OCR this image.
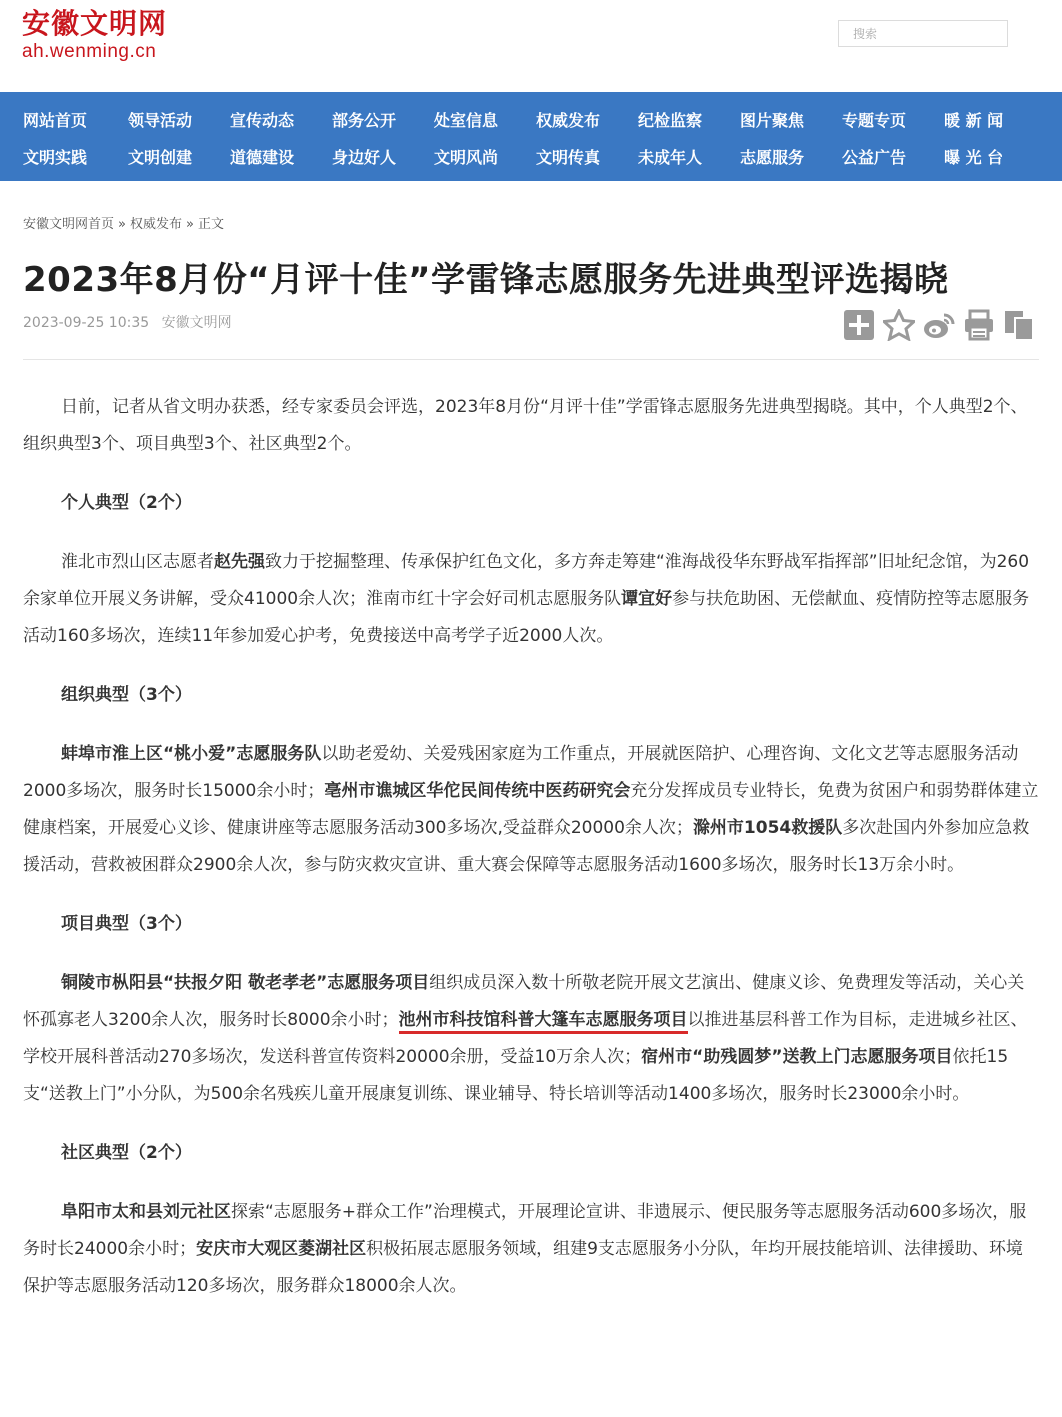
安徽文明网
ah.wenming.cn
搜索
网站首页	领导活动	宣传动态	部务公开	处室信息	权威发布	纪检监察	图片聚焦	专题专页	暖 新 闻
文明实践	文明创建	道德建设	身边好人	文明风尚	文明传真	未成年人	志愿服务	公益广告	曝 光 台
安徽文明网首页 » 权威发布 » 正文
2023年8月份“月评十佳”学雷锋志愿服务先进典型评选揭晓
2023-09-25 10:35 安徽文明网

日前，记者从省文明办获悉，经专家委员会评选，2023年8月份“月评十佳”学雷锋志愿服务先进典型揭晓。其中，个人典型2个、组织典型3个、项目典型3个、社区典型2个。

个人典型（2个）

淮北市烈山区志愿者赵先强致力于挖掘整理、传承保护红色文化，多方奔走筹建“淮海战役华东野战军指挥部”旧址纪念馆，为260余家单位开展义务讲解，受众41000余人次；淮南市红十字会好司机志愿服务队谭宜好参与扶危助困、无偿献血、疫情防控等志愿服务活动160多场次，连续11年参加爱心护考，免费接送中高考学子近2000人次。

组织典型（3个）

蚌埠市淮上区“桃小爱”志愿服务队以助老爱幼、关爱残困家庭为工作重点，开展就医陪护、心理咨询、文化文艺等志愿服务活动2000多场次，服务时长15000余小时；亳州市谯城区华佗民间传统中医药研究会充分发挥成员专业特长，免费为贫困户和弱势群体建立健康档案，开展爱心义诊、健康讲座等志愿服务活动300多场次,受益群众20000余人次；滁州市1054救援队多次赴国内外参加应急救援活动，营救被困群众2900余人次，参与防灾救灾宣讲、重大赛会保障等志愿服务活动1600多场次，服务时长13万余小时。

项目典型（3个）

铜陵市枞阳县“扶报夕阳 敬老孝老”志愿服务项目组织成员深入数十所敬老院开展文艺演出、健康义诊、免费理发等活动，关心关怀孤寡老人3200余人次，服务时长8000余小时；池州市科技馆科普大篷车志愿服务项目以推进基层科普工作为目标，走进城乡社区、学校开展科普活动270多场次，发送科普宣传资料20000余册，受益10万余人次；宿州市“助残圆梦”送教上门志愿服务项目依托15支“送教上门”小分队，为500余名残疾儿童开展康复训练、课业辅导、特长培训等活动1400多场次，服务时长23000余小时。

社区典型（2个）

阜阳市太和县刘元社区探索“志愿服务+群众工作”治理模式，开展理论宣讲、非遗展示、便民服务等志愿服务活动600多场次，服务时长24000余小时；安庆市大观区菱湖社区积极拓展志愿服务领域，组建9支志愿服务小分队，年均开展技能培训、法律援助、环境保护等志愿服务活动120多场次，服务群众18000余人次。
